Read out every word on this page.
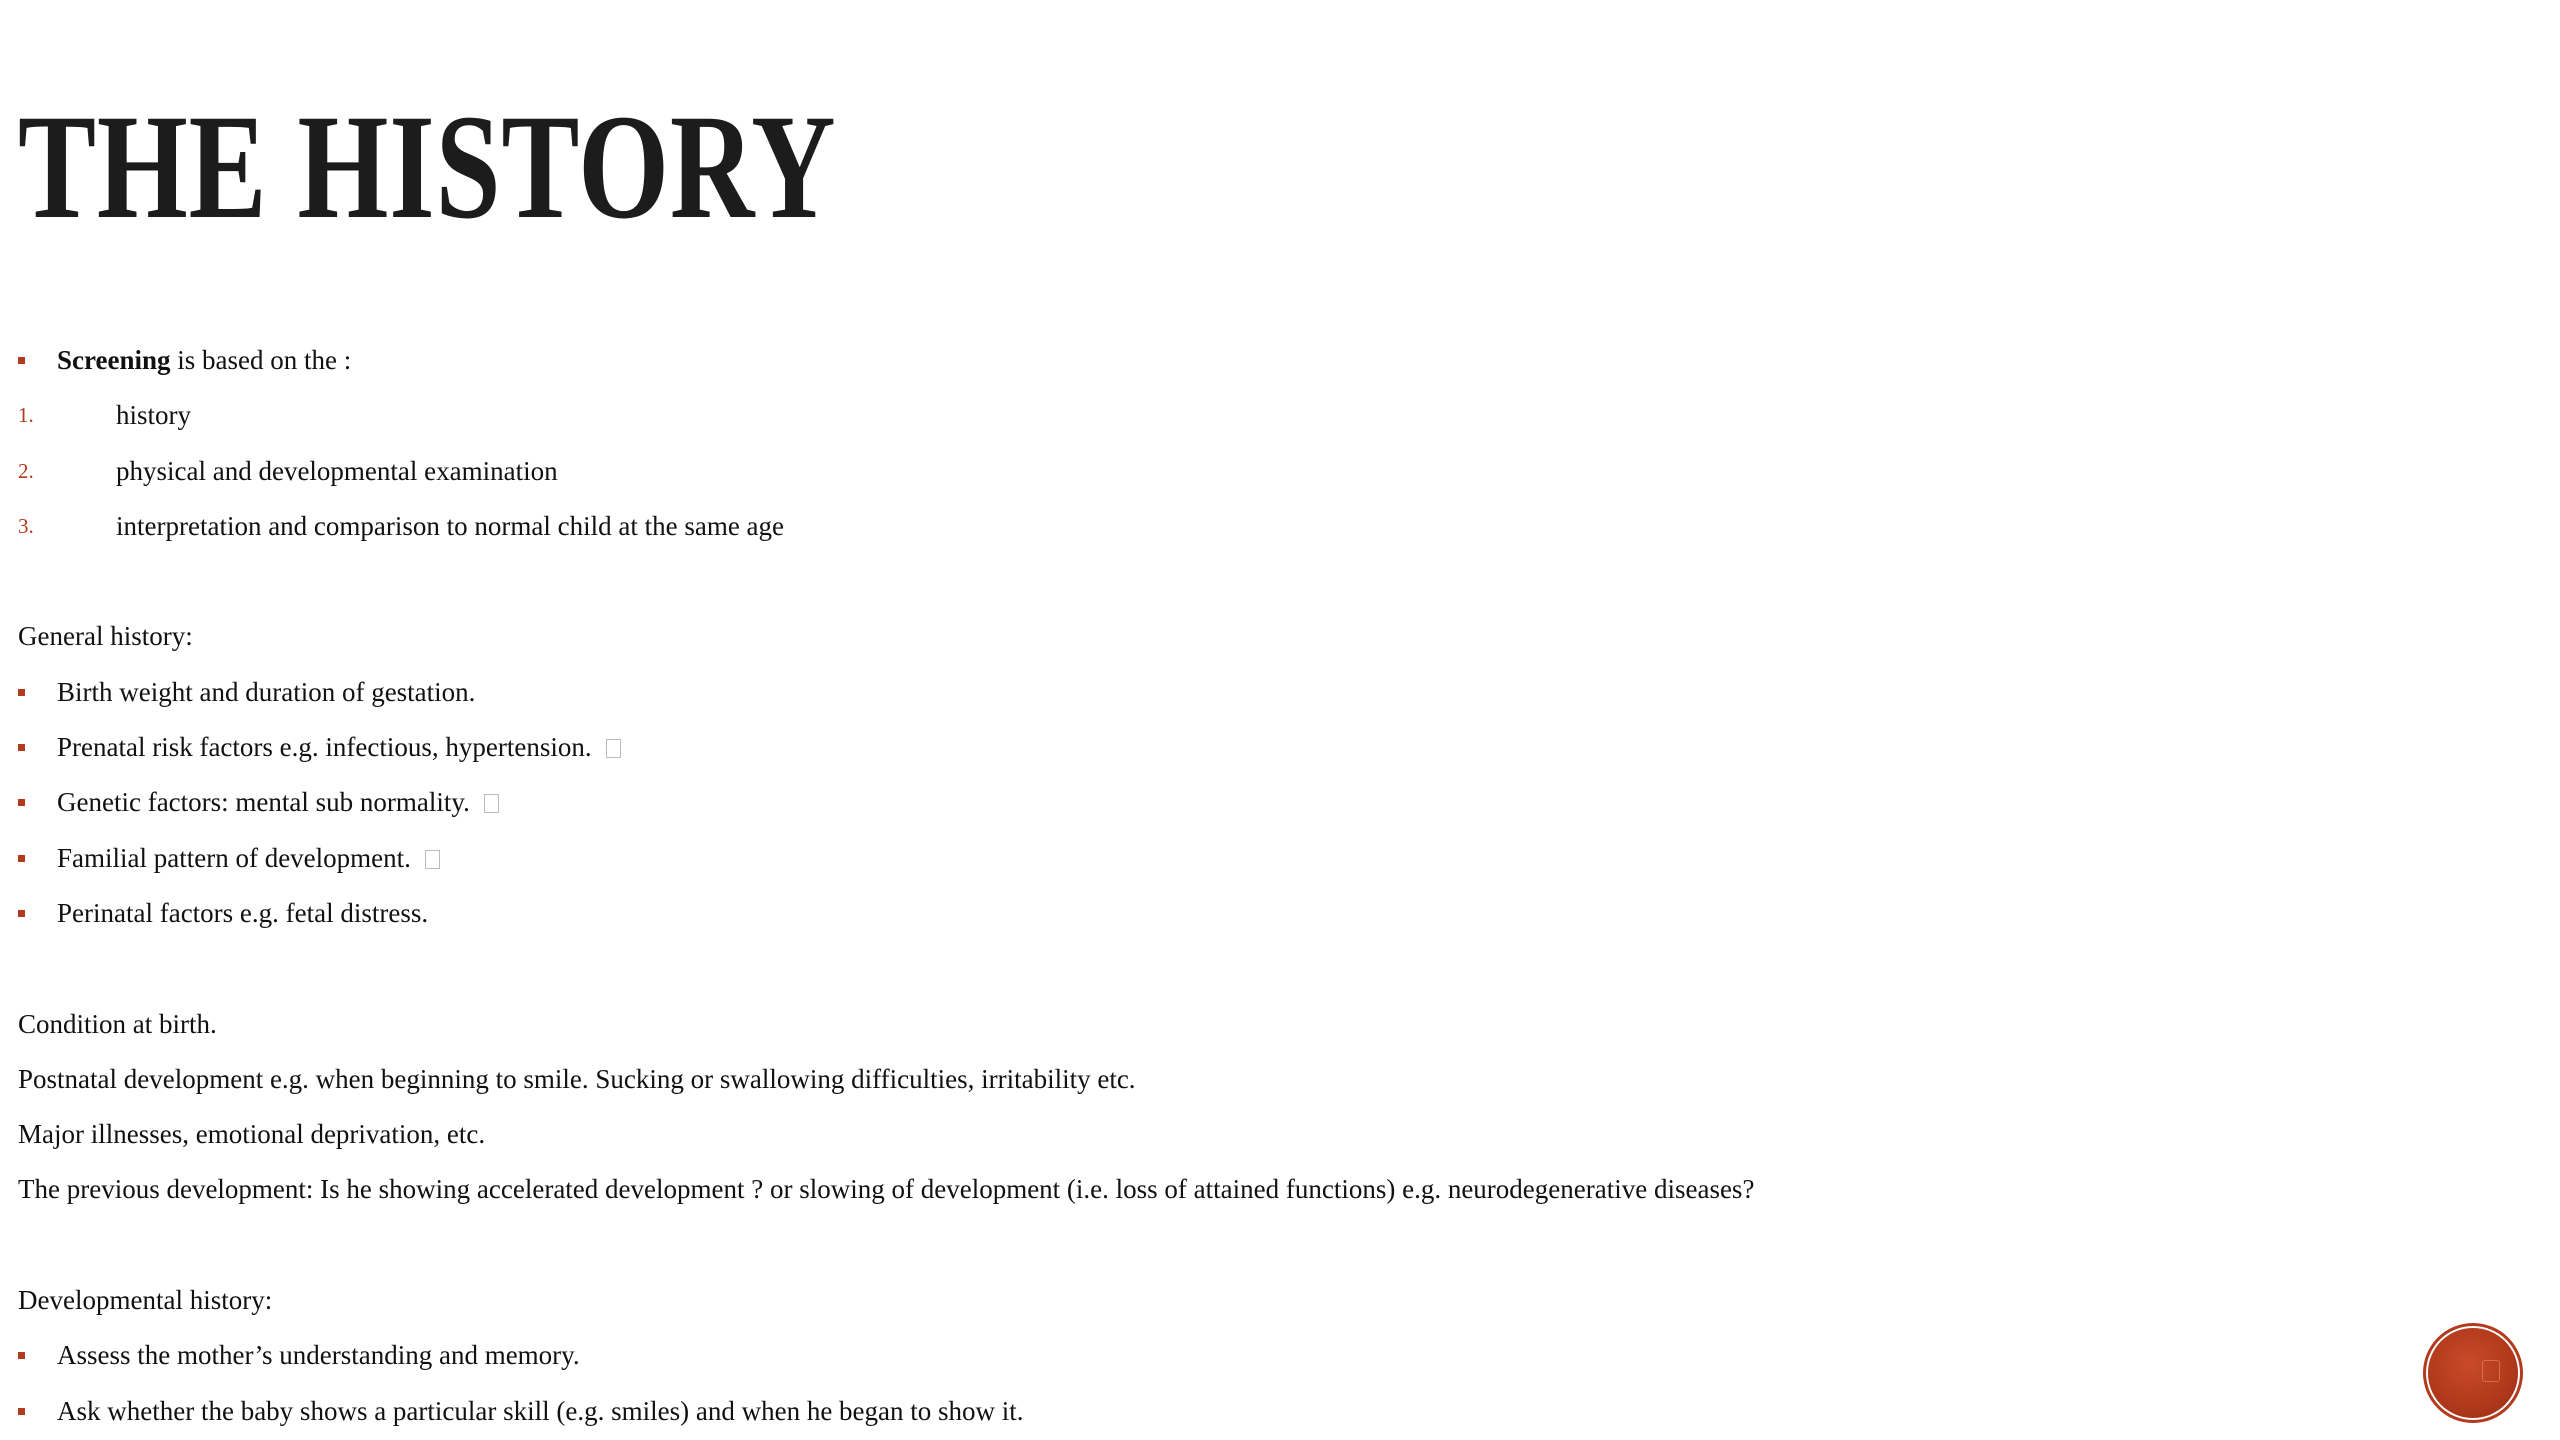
THE HISTORY
Screening is based on the :
1.	history
2.	physical and developmental examination
3.	interpretation and comparison to normal child at the same age
General history:
Birth weight and duration of gestation.
Prenatal risk factors e.g. infectious, hypertension.
Genetic factors: mental sub normality.
Familial pattern of development.
Perinatal factors e.g. fetal distress.
Condition at birth.
Postnatal development e.g. when beginning to smile. Sucking or swallowing difficulties, irritability etc.
Major illnesses, emotional deprivation, etc.
The previous development: Is he showing accelerated development ? or slowing of development (i.e. loss of attained functions) e.g. neurodegenerative diseases?
Developmental history:
Assess the mother’s understanding and memory.
Ask whether the baby shows a particular skill (e.g. smiles) and when he began to show it.
